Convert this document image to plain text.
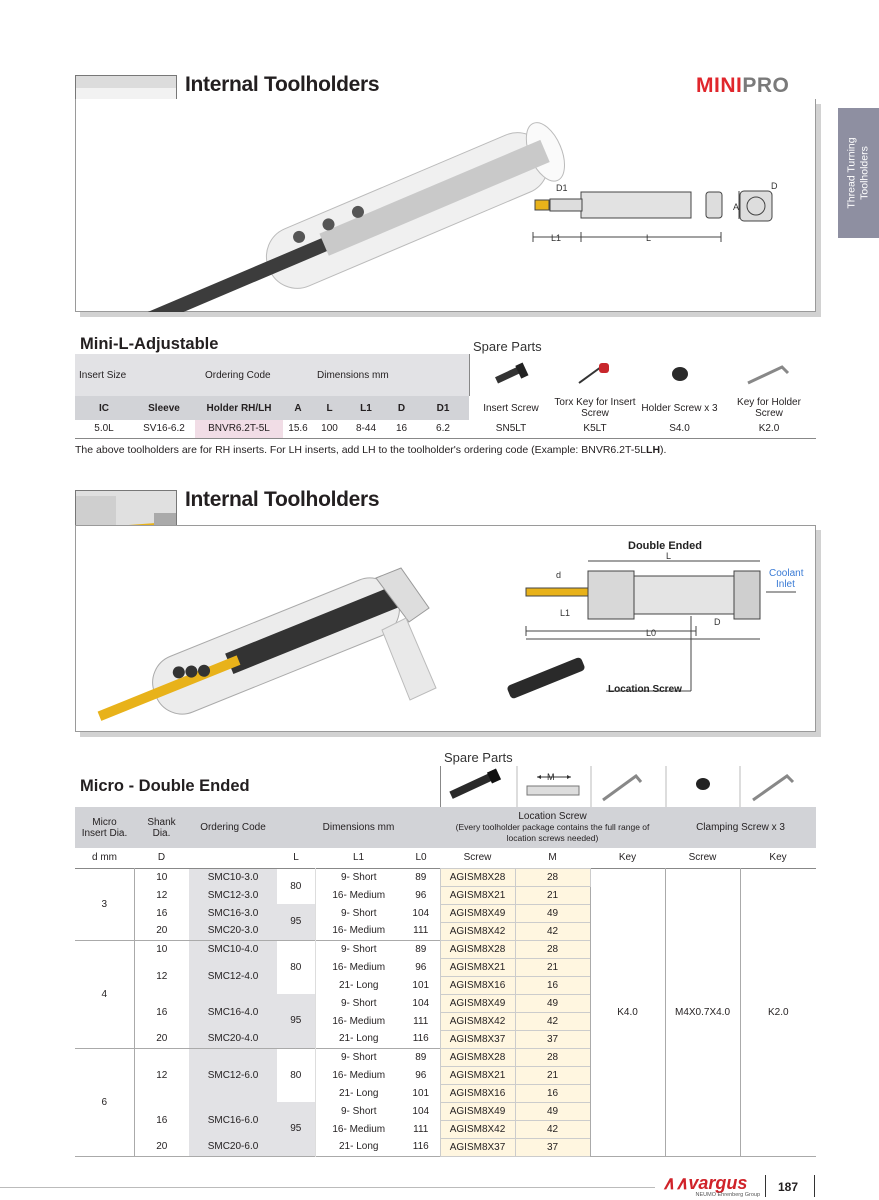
MINIPRO
Thread Turning
Toolholders
Internal Toolholders
D1
L1	L
A
D
Mini-L-Adjustable	Spare Parts
Insert Size		Ordering Code		Dimensions mm				
IC	Sleeve	Holder RH/LH	A	L	L1	D	D1	Insert Screw	Torx Key for Insert Screw	Holder Screw x 3	Key for Holder Screw
5.0L	SV16-6.2	BNVR6.2T-5L	15.6	100	8-44	16	6.2	SN5LT	K5LT	S4.0	K2.0
The above toolholders are for RH inserts. For LH inserts, add LH to the toolholder's ordering code (Example: BNVR6.2T-5LLH).
Internal Toolholders
Double Ended
L
d
L1
D
L0
Coolant
Inlet
Location Screw
Spare Parts
Micro - Double Ended	M
Micro
Insert Dia.	Shank
Dia.	Ordering Code	Dimensions mm			Location Screw
(Every toolholder package contains the full range of
location screws needed)			Clamping Screw x 3	
d mm	D		L	L1	L0	Screw	M	Key	Screw	Key
3	10	SMC10-3.0	80	9- Short	89	AGISM8X28	28	K4.0	M4X0.7X4.0	K2.0
	12	SMC12-3.0		16- Medium	96	AGISM8X21	21			
	16	SMC16-3.0	95	9- Short	104	AGISM8X49	49			
	20	SMC20-3.0		16- Medium	111	AGISM8X42	42			
4	10	SMC10-4.0	80	9- Short	89	AGISM8X28	28			
	12	SMC12-4.0		16- Medium	96	AGISM8X21	21			
				21- Long	101	AGISM8X16	16			
	16	SMC16-4.0	95	9- Short	104	AGISM8X49	49			
				16- Medium	111	AGISM8X42	42			
	20	SMC20-4.0		21- Long	116	AGISM8X37	37			
6	12	SMC12-6.0	80	9- Short	89	AGISM8X28	28			
				16- Medium	96	AGISM8X21	21			
				21- Long	101	AGISM8X16	16			
	16	SMC16-6.0	95	9- Short	104	AGISM8X49	49			
				16- Medium	111	AGISM8X42	42			
	20	SMC20-6.0		21- Long	116	AGISM8X37	37			
∧∧vargus
NEUMO Ehrenberg Group
187
